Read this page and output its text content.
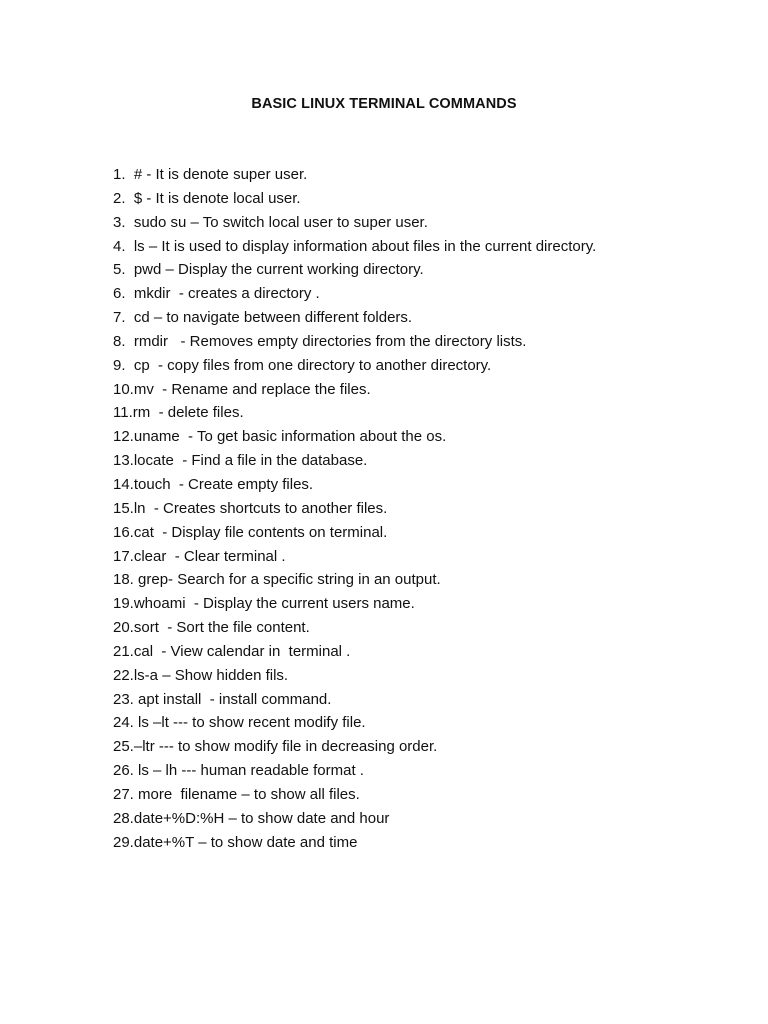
BASIC LINUX TERMINAL COMMANDS
1.  # - It is denote super user.
2.  $ - It is denote local user.
3.  sudo su – To switch local user to super user.
4.  ls – It is used to display information about files in the current directory.
5.  pwd – Display the current working directory.
6.  mkdir  - creates a directory .
7.  cd – to navigate between different folders.
8.  rmdir   - Removes empty directories from the directory lists.
9.  cp  - copy files from one directory to another directory.
10.mv  - Rename and replace the files.
11.rm  - delete files.
12.uname  - To get basic information about the os.
13.locate  - Find a file in the database.
14.touch  - Create empty files.
15.ln  - Creates shortcuts to another files.
16.cat  - Display file contents on terminal.
17.clear  - Clear terminal .
18. grep- Search for a specific string in an output.
19.whoami  - Display the current users name.
20.sort  - Sort the file content.
21.cal  - View calendar in  terminal .
22.ls-a – Show hidden fils.
23. apt install  - install command.
24. ls –lt --- to show recent modify file.
25.–ltr --- to show modify file in decreasing order.
26. ls – lh --- human readable format .
27. more  filename – to show all files.
28.date+%D:%H – to show date and hour
29.date+%T – to show date and time
